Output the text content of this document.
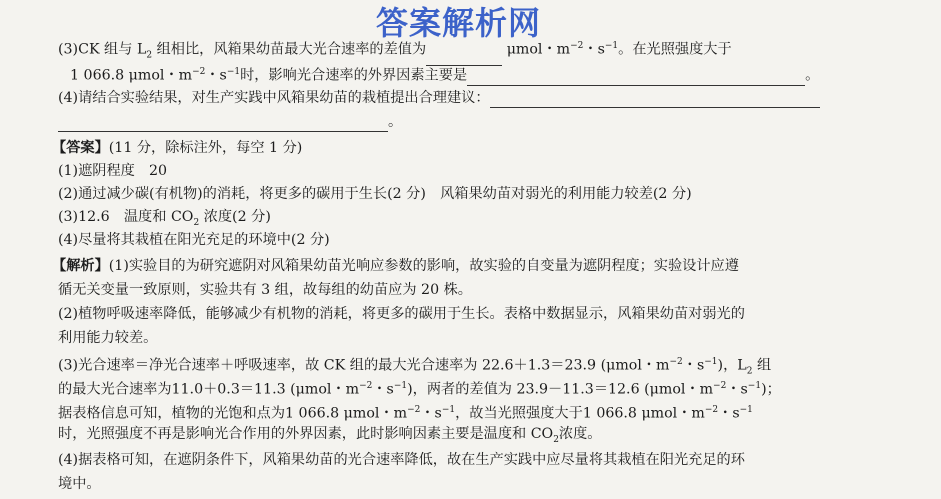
答案解析网
(3)CK 组与 $L_2$ 组相比，风箱果幼苗最大光合速率的差值为	μmol・$m^{-2}$・$s^{-1}$。在光照强度大于
1 066.8 μmol・$m^{-2}$・$s^{-1}$时，影响光合速率的外界因素主要是	。
(4)请结合实验结果，对生产实践中风箱果幼苗的栽植提出合理建议：
。
【答案】(11 分，除标注外，每空 1 分)
(1)遮阴程度　20
(2)通过减少碳(有机物)的消耗，将更多的碳用于生长(2 分)　风箱果幼苗对弱光的利用能力较差(2 分)
(3)12.6　温度和 $CO_2$ 浓度(2 分)
(4)尽量将其栽植在阳光充足的环境中(2 分)
【解析】(1)实验目的为研究遮阴对风箱果幼苗光响应参数的影响，故实验的自变量为遮阴程度；实验设计应遵
循无关变量一致原则，实验共有 3 组，故每组的幼苗应为 20 株。
(2)植物呼吸速率降低，能够减少有机物的消耗，将更多的碳用于生长。表格中数据显示，风箱果幼苗对弱光的
利用能力较差。
(3)光合速率＝净光合速率＋呼吸速率，故 CK 组的最大光合速率为 22.6＋1.3＝23.9 (μmol・$m^{-2}$・$s^{-1}$)，$L_2$ 组
的最大光合速率为11.0＋0.3＝11.3 (μmol・$m^{-2}$・$s^{-1}$)，两者的差值为 23.9－11.3＝12.6 (μmol・$m^{-2}$・$s^{-1}$)；
据表格信息可知，植物的光饱和点为1 066.8 μmol・$m^{-2}$・$s^{-1}$，故当光照强度大于1 066.8 μmol・$m^{-2}$・$s^{-1}$
时，光照强度不再是影响光合作用的外界因素，此时影响因素主要是温度和 $CO_2$浓度。
(4)据表格可知，在遮阴条件下，风箱果幼苗的光合速率降低，故在生产实践中应尽量将其栽植在阳光充足的环
境中。
